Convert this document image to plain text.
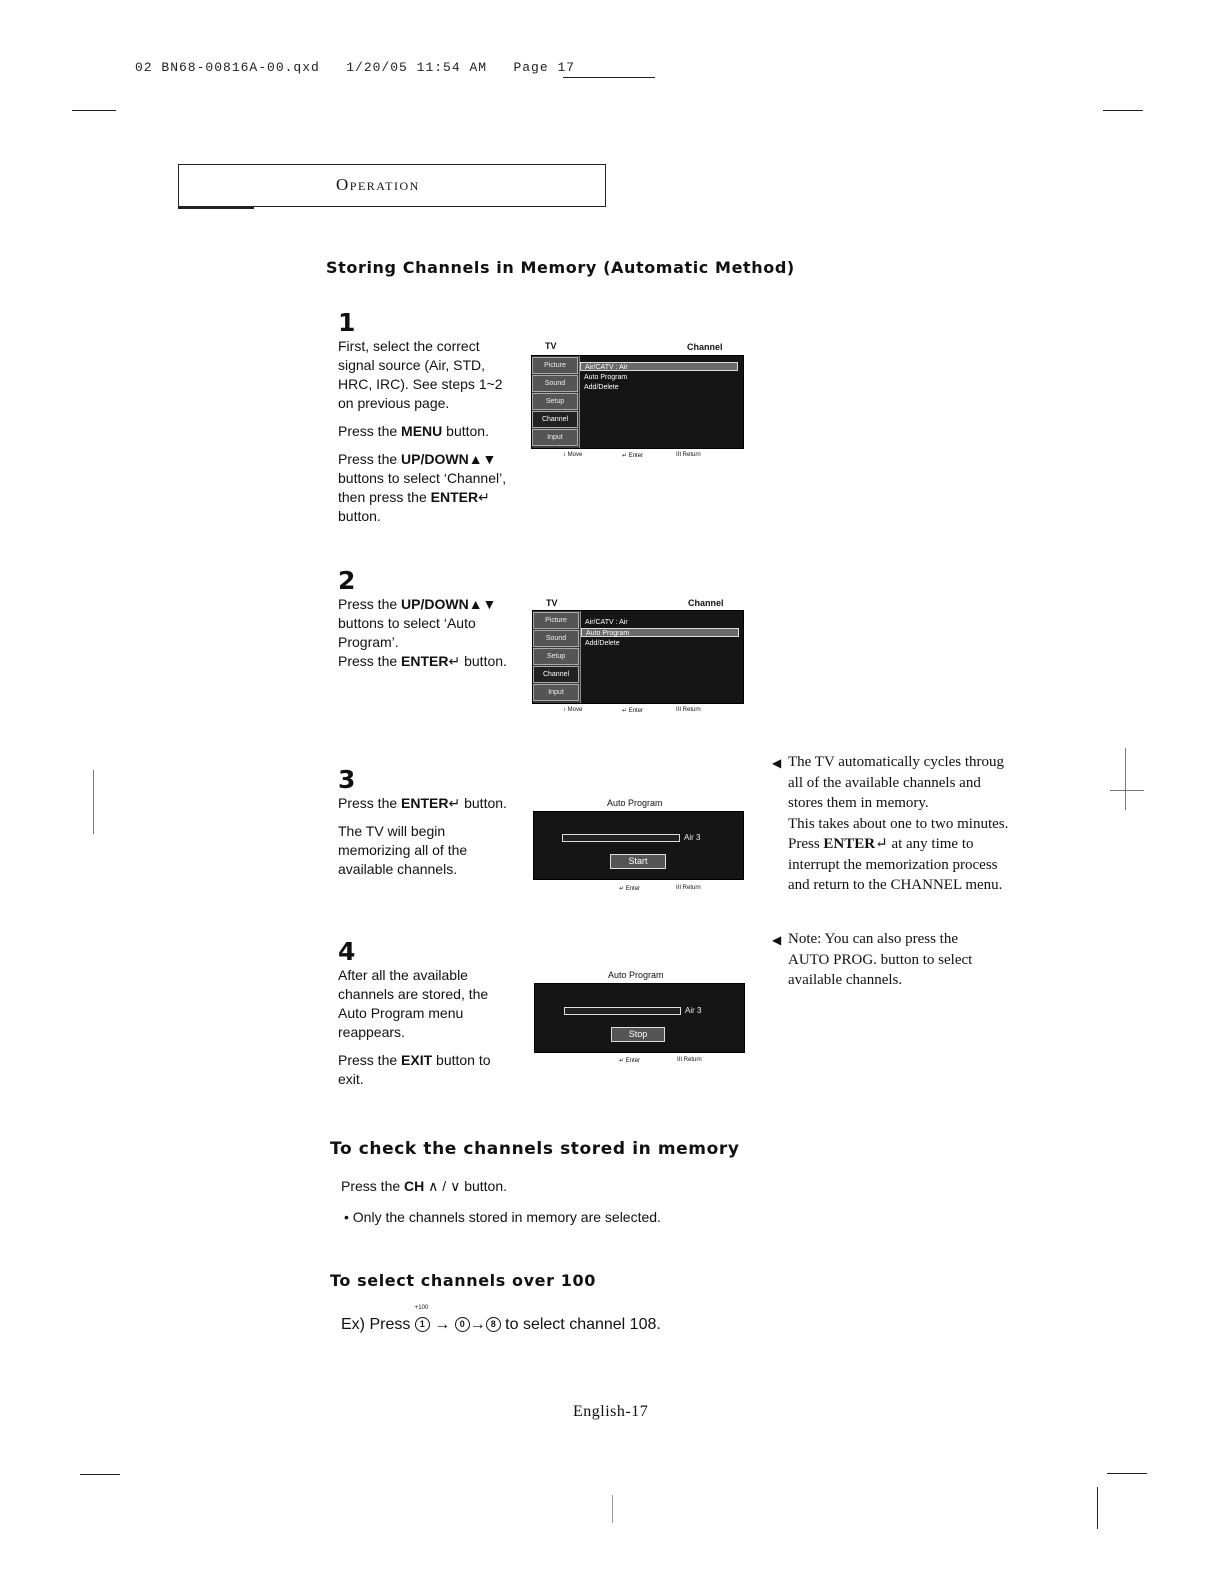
02 BN68-00816A-00.qxd   1/20/05 11:54 AM   Page 17
Operation
Storing Channels in Memory (Automatic Method)
1

First, select the correct signal source (Air, STD, HRC, IRC). See steps 1~2 on previous page.

Press the MENU button.

Press the UP/DOWN▲▼ buttons to select ‘Channel’, then press the ENTER↵ button.

TV	Channel
Picture
Sound
Setup
Channel
Input
Air/CATV : Air
Auto Program
Add/Delete
↕ Move	↵ Enter	III Return
2

Press the UP/DOWN▲▼ buttons to select ‘Auto Program’.

Press the ENTER↵ button.

TV	Channel
Picture
Sound
Setup
Channel
Input
Air/CATV : Air
Auto Program
Add/Delete
↕ Move	↵ Enter	III Return
3

Press the ENTER↵ button.

The TV will begin memorizing all of the available channels.

Auto Program
Air 3
Start
↵ Enter	III Return
4

After all the available channels are stored, the Auto Program menu reappears.

Press the EXIT button to exit.

Auto Program
Air 3
Stop
↵ Enter	III Return
◀ The TV automatically cycles throug
all of the available channels and
stores them in memory.
This takes about one to two minutes.
Press ENTER↵ at any time to
interrupt the memorization process
and return to the CHANNEL menu.
◀ Note: You can also press the
AUTO PROG. button to select
available channels.
To check the channels stored in memory
Press the CH ∧ / ∨ button.
• Only the channels stored in memory are selected.
To select channels over 100
Ex) Press
+100
1 → 0 → 8 to select channel 108.
English-17
